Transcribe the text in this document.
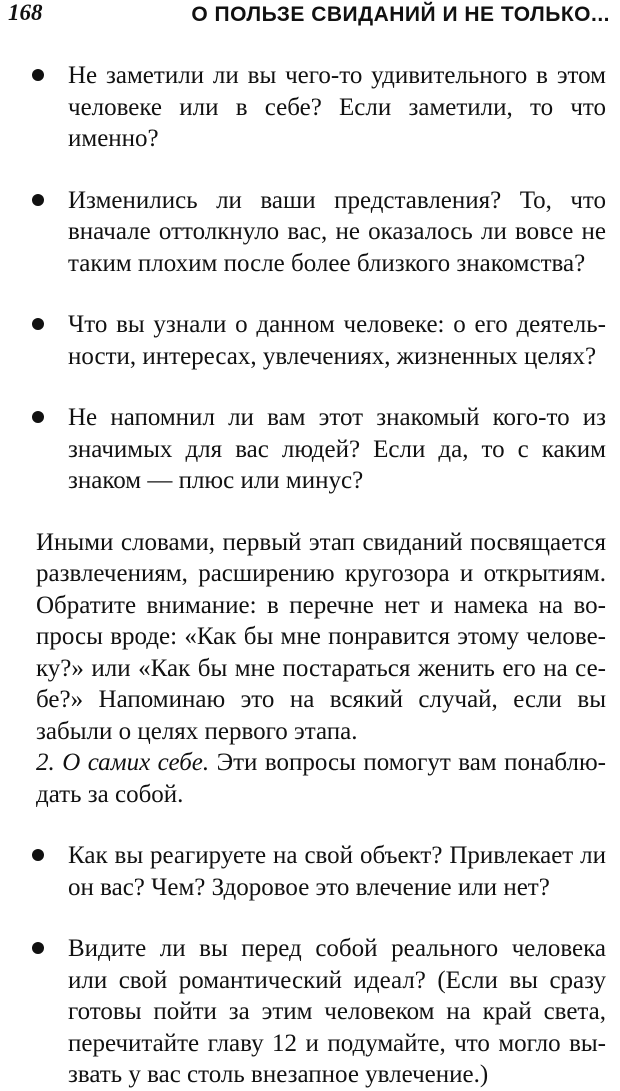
168	О ПОЛЬЗЕ СВИДАНИЙ И НЕ ТОЛЬКО...
Не заметили ли вы чего-то удивительного в этом человеке или в себе? Если заметили, то что именно?
Изменились ли ваши представления? То, что вначале оттолкнуло вас, не оказалось ли вовсе не таким плохим после более близкого знакомства?
Что вы узнали о данном человеке: о его деятельности, интересах, увлечениях, жизненных целях?
Не напомнил ли вам этот знакомый кого-то из значимых для вас людей? Если да, то с каким знаком — плюс или минус?

Иными словами, первый этап свиданий посвящается развлечениям, расширению кругозора и открытиям. Обратите внимание: в перечне нет и намека на вопросы вроде: «Как бы мне понравится этому человеку?» или «Как бы мне постараться женить его на себе?» Напоминаю это на всякий случай, если вы забыли о целях первого этапа.

2. О самих себе. Эти вопросы помогут вам понаблюдать за собой.

Как вы реагируете на свой объект? Привлекает ли он вас? Чем? Здоровое это влечение или нет?
Видите ли вы перед собой реального человека или свой романтический идеал? (Если вы сразу готовы пойти за этим человеком на край света, перечитайте главу 12 и подумайте, что могло вызвать у вас столь внезапное увлечение.)
